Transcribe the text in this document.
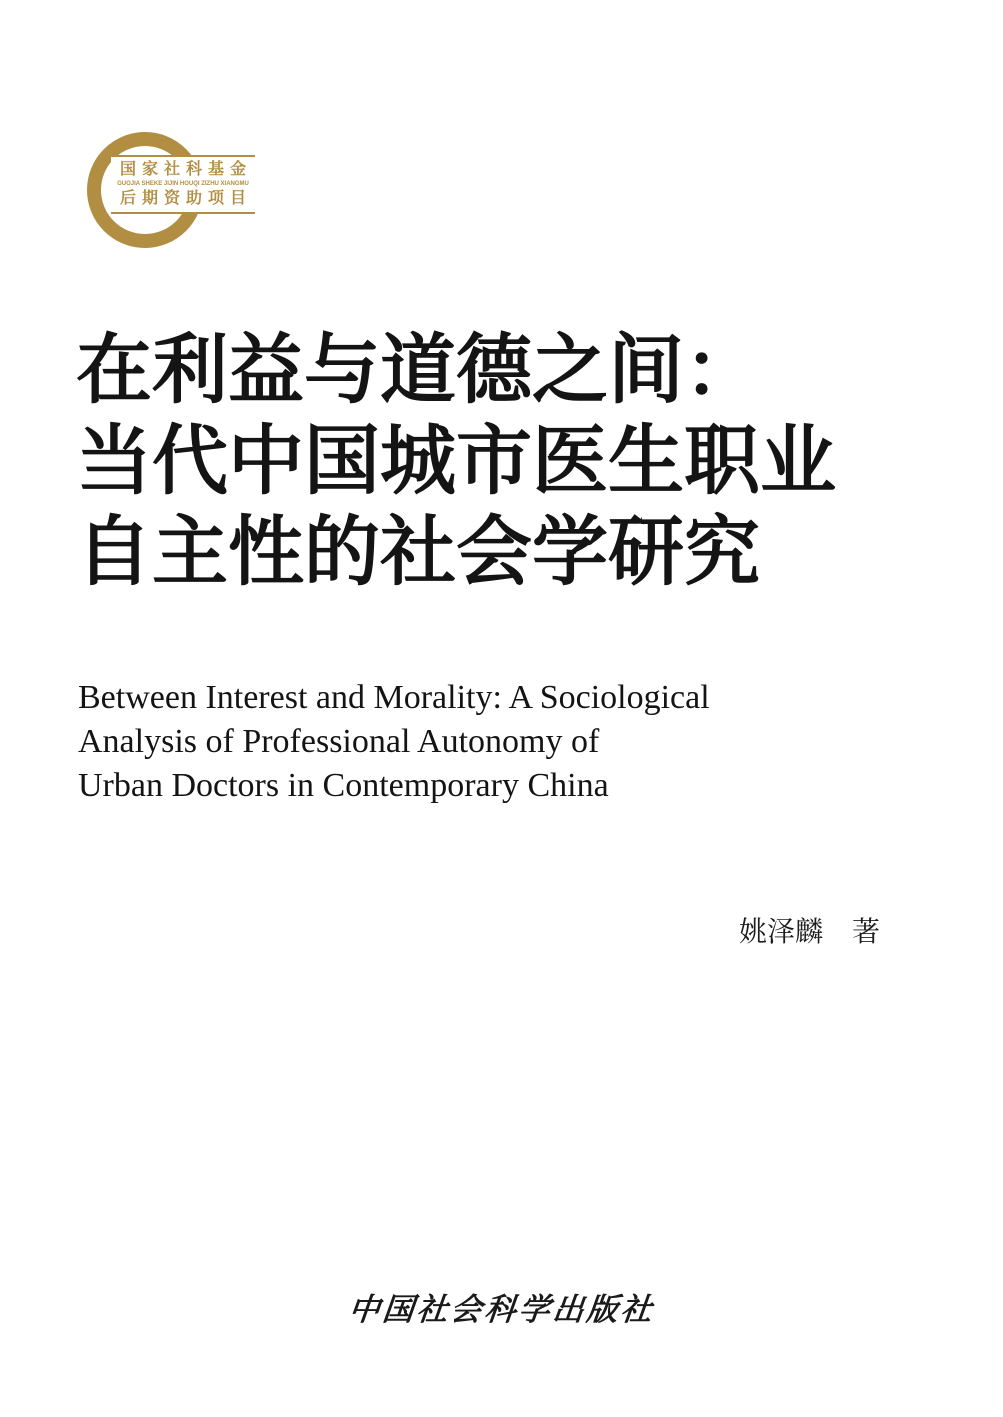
国家社科基金
GUOJIA SHEKE JIJIN HOUQI ZIZHU XIANGMU
后期资助项目
在利益与道德之间：
当代中国城市医生职业
自主性的社会学研究
Between Interest and Morality: A Sociological
Analysis of Professional Autonomy of
Urban Doctors in Contemporary China
姚泽麟 著
中国社会科学出版社
